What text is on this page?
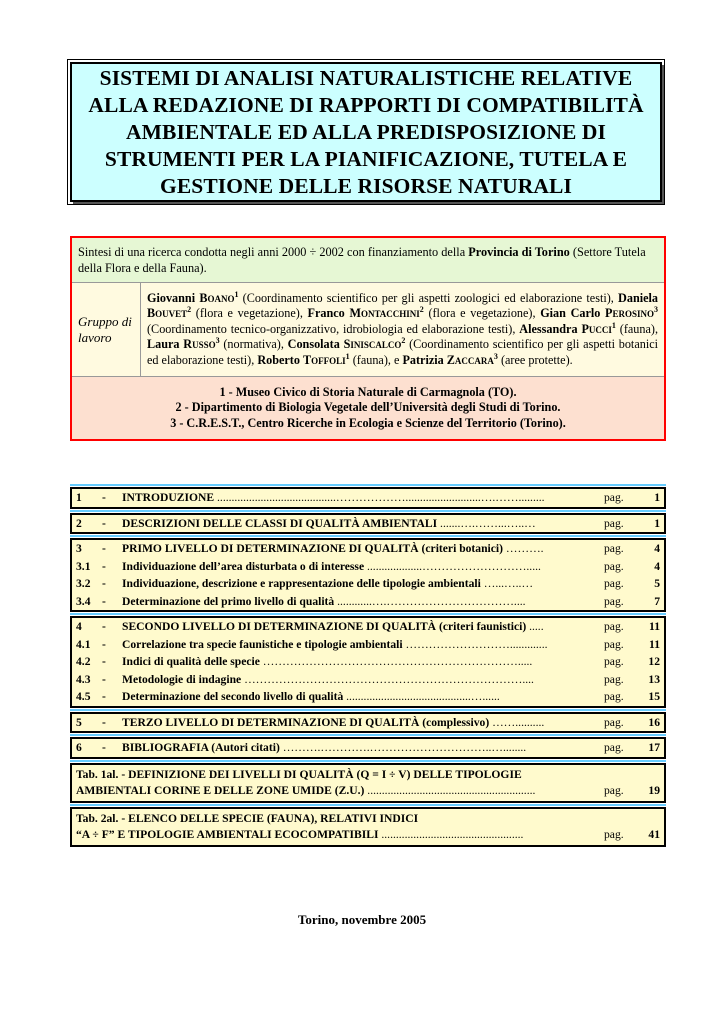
SISTEMI DI ANALISI NATURALISTICHE RELATIVE ALLA REDAZIONE DI RAPPORTI DI COMPATIBILITÀ AMBIENTALE ED ALLA PREDISPOSIZIONE DI STRUMENTI PER LA PIANIFICAZIONE, TUTELA E GESTIONE DELLE RISORSE NATURALI
Sintesi di una ricerca condotta negli anni 2000 ÷ 2002 con finanziamento della Provincia di Torino (Settore Tutela della Flora e della Fauna).
Gruppo di lavoro
Giovanni Boano$^1$ (Coordinamento scientifico per gli aspetti zoologici ed elaborazione testi), Daniela Bouvet$^2$ (flora e vegetazione), Franco Montacchini$^2$ (flora e vegetazione), Gian Carlo Perosino$^3$ (Coordinamento tecnico-organizzativo, idrobiologia ed elaborazione testi), Alessandra Pucci$^1$ (fauna), Laura Russo$^3$ (normativa), Consolata Siniscalco$^2$ (Coordinamento scientifico per gli aspetti botanici ed elaborazione testi), Roberto Toffoli$^1$ (fauna), e Patrizia Zaccara$^3$ (aree protette).
1 - Museo Civico di Storia Naturale di Carmagnola (TO).
2 - Dipartimento di Biologia Vegetale dell’Università degli Studi di Torino.
3 - C.R.E.S.T., Centro Ricerche in Ecologia e Scienze del Territorio (Torino).
1	-	INTRODUZIONE .........................................………………..........................….…….........	pag.	1
2	-	DESCRIZIONI DELLE CLASSI DI QUALITÀ AMBIENTALI .......….……...…..…	pag.	1
3	-	PRIMO LIVELLO DI DETERMINAZIONE DI QUALITÀ (criteri botanici) ……….	pag.	4
3.1 -	Individuazione dell’area disturbata o di interesse ...................……………………….....	pag.	4
3.2 -	Individuazione, descrizione e rappresentazione delle tipologie ambientali …...…..…	pag.	5
3.4 -	Determinazione del primo livello di qualità ............….……………………………....	pag.	7
4	-	SECONDO LIVELLO DI DETERMINAZIONE DI QUALITÀ (criteri faunistici) .....	pag.	11
4.1 -	Correlazione tra specie faunistiche e tipologie ambientali ……………………….............	pag.	11
4.2 -	Indici di qualità delle specie ………………………………………………………….....	pag.	12
4.3 -	Metodologie di indagine ………………………………………………………………....	pag.	13
4.5 -	Determinazione del secondo livello di qualità ...........................................…......	pag.	15
5	-	TERZO LIVELLO DI DETERMINAZIONE DI QUALITÀ (complessivo) ……..........	pag.	16
6	-	BIBLIOGRAFIA (Autori citati) ……….………….…………………………..…........	pag.	17
Tab. 1al. - DEFINIZIONE DEI LIVELLI DI QUALITÀ (Q = I ÷ V) DELLE TIPOLOGIE
AMBIENTALI CORINE E DELLE ZONE UMIDE (Z.U.) ..........................................................	pag.	19
Tab. 2al. - ELENCO DELLE SPECIE (FAUNA), RELATIVI INDICI
“A ÷ F” E TIPOLOGIE AMBIENTALI ECOCOMPATIBILI .................................................	pag.	41
Torino, novembre 2005
